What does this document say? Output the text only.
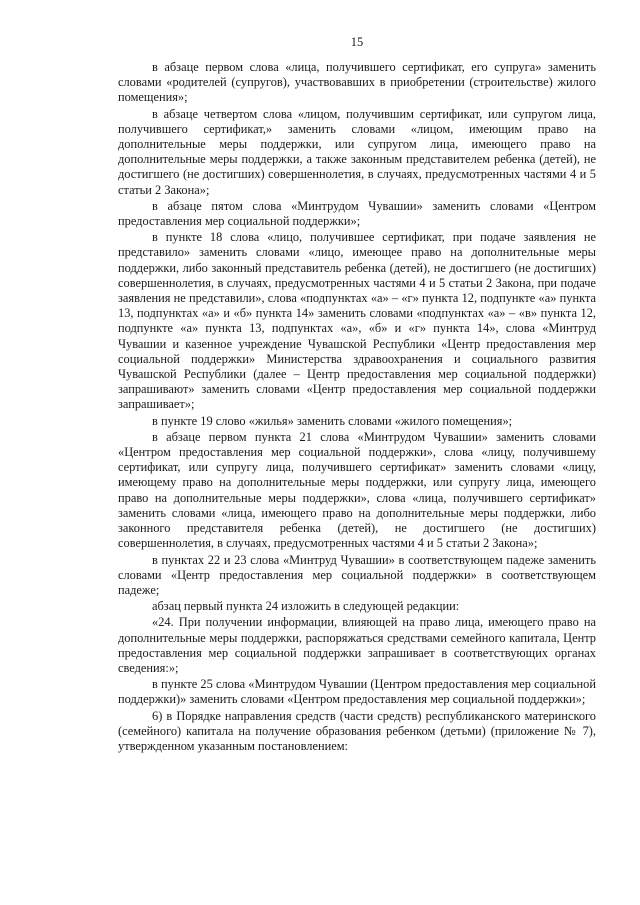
15

в абзаце первом слова «лица, получившего сертификат, его супруга» заменить словами «родителей (супругов), участвовавших в приобретении (строительстве) жилого помещения»;

в абзаце четвертом слова «лицом, получившим сертификат, или супругом лица, получившего сертификат,» заменить словами «лицом, имеющим право на дополнительные меры поддержки, или супругом лица, имеющего право на дополнительные меры поддержки, а также законным представителем ребенка (детей), не достигшего (не достигших) совершеннолетия, в случаях, предусмотренных частями 4 и 5 статьи 2 Закона»;

в абзаце пятом слова «Минтрудом Чувашии» заменить словами «Центром предоставления мер социальной поддержки»;

в пункте 18 слова «лицо, получившее сертификат, при подаче заявления не представило» заменить словами «лицо, имеющее право на дополнительные меры поддержки, либо законный представитель ребенка (детей), не достигшего (не достигших) совершеннолетия, в случаях, предусмотренных частями 4 и 5 статьи 2 Закона, при подаче заявления не представили», слова «подпунктах «а» – «г» пункта 12, подпункте «а» пункта 13, подпунктах «а» и «б» пункта 14» заменить словами «подпунктах «а» – «в» пункта 12, подпункте «а» пункта 13, подпунктах «а», «б» и «г» пункта 14», слова «Минтруд Чувашии и казенное учреждение Чувашской Республики «Центр предоставления мер социальной поддержки» Министерства здравоохранения и социального развития Чувашской Республики (далее – Центр предоставления мер социальной поддержки) запрашивают» заменить словами «Центр предоставления мер социальной поддержки запрашивает»;

в пункте 19 слово «жилья» заменить словами «жилого помещения»;

в абзаце первом пункта 21 слова «Минтрудом Чувашии» заменить словами «Центром предоставления мер социальной поддержки», слова «лицу, получившему сертификат, или супругу лица, получившего сертификат» заменить словами «лицу, имеющему право на дополнительные меры поддержки, или супругу лица, имеющего право на дополнительные меры поддержки», слова «лица, получившего сертификат» заменить словами «лица, имеющего право на дополнительные меры поддержки, либо законного представителя ребенка (детей), не достигшего (не достигших) совершеннолетия, в случаях, предусмотренных частями 4 и 5 статьи 2 Закона»;

в пунктах 22 и 23 слова «Минтруд Чувашии» в соответствующем падеже заменить словами «Центр предоставления мер социальной поддержки» в соответствующем падеже;

абзац первый пункта 24 изложить в следующей редакции:

«24. При получении информации, влияющей на право лица, имеющего право на дополнительные меры поддержки, распоряжаться средствами семейного капитала, Центр предоставления мер социальной поддержки запрашивает в соответствующих органах сведения:»;

в пункте 25 слова «Минтрудом Чувашии (Центром предоставления мер социальной поддержки)» заменить словами «Центром предоставления мер социальной поддержки»;

6) в Порядке направления средств (части средств) республиканского материнского (семейного) капитала на получение образования ребенком (детьми) (приложение № 7), утвержденном указанным постановлением:
